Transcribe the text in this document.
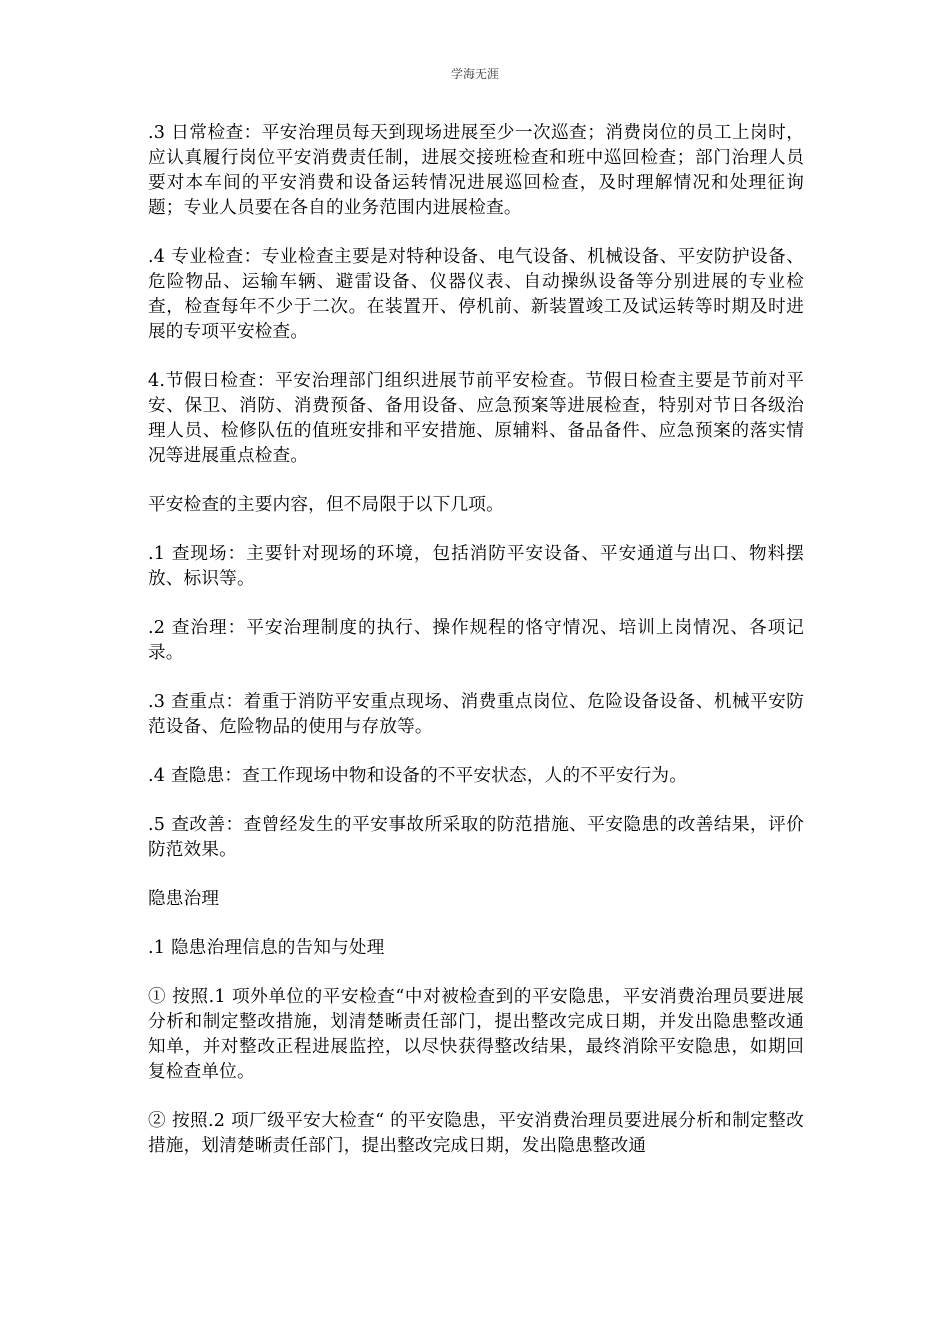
学海无涯

.3 日常检查：平安治理员每天到现场进展至少一次巡查；消费岗位的员工上岗时，应认真履行岗位平安消费责任制，进展交接班检查和班中巡回检查；部门治理人员要对本车间的平安消费和设备运转情况进展巡回检查，及时理解情况和处理征询题；专业人员要在各自的业务范围内进展检查。

.4 专业检查：专业检查主要是对特种设备、电气设备、机械设备、平安防护设备、危险物品、运输车辆、避雷设备、仪器仪表、自动操纵设备等分别进展的专业检查，检查每年不少于二次。在装置开、停机前、新装置竣工及试运转等时期及时进展的专项平安检查。

4.节假日检查：平安治理部门组织进展节前平安检查。节假日检查主要是节前对平安、保卫、消防、消费预备、备用设备、应急预案等进展检查，特别对节日各级治理人员、检修队伍的值班安排和平安措施、原辅料、备品备件、应急预案的落实情况等进展重点检查。

平安检查的主要内容，但不局限于以下几项。

.1 查现场：主要针对现场的环境，包括消防平安设备、平安通道与出口、物料摆放、标识等。

.2 查治理：平安治理制度的执行、操作规程的恪守情况、培训上岗情况、各项记录。

.3 查重点：着重于消防平安重点现场、消费重点岗位、危险设备设备、机械平安防范设备、危险物品的使用与存放等。

.4 查隐患：查工作现场中物和设备的不平安状态，人的不平安行为。

.5 查改善：查曾经发生的平安事故所采取的防范措施、平安隐患的改善结果，评价防范效果。

隐患治理

.1 隐患治理信息的告知与处理

① 按照.1 项外单位的平安检查“中对被检查到的平安隐患，平安消费治理员要进展分析和制定整改措施，划清楚晰责任部门，提出整改完成日期，并发出隐患整改通知单，并对整改正程进展监控，以尽快获得整改结果，最终消除平安隐患，如期回复检查单位。

② 按照.2 项厂级平安大检查“ 的平安隐患，平安消费治理员要进展分析和制定整改措施，划清楚晰责任部门，提出整改完成日期，发出隐患整改通
